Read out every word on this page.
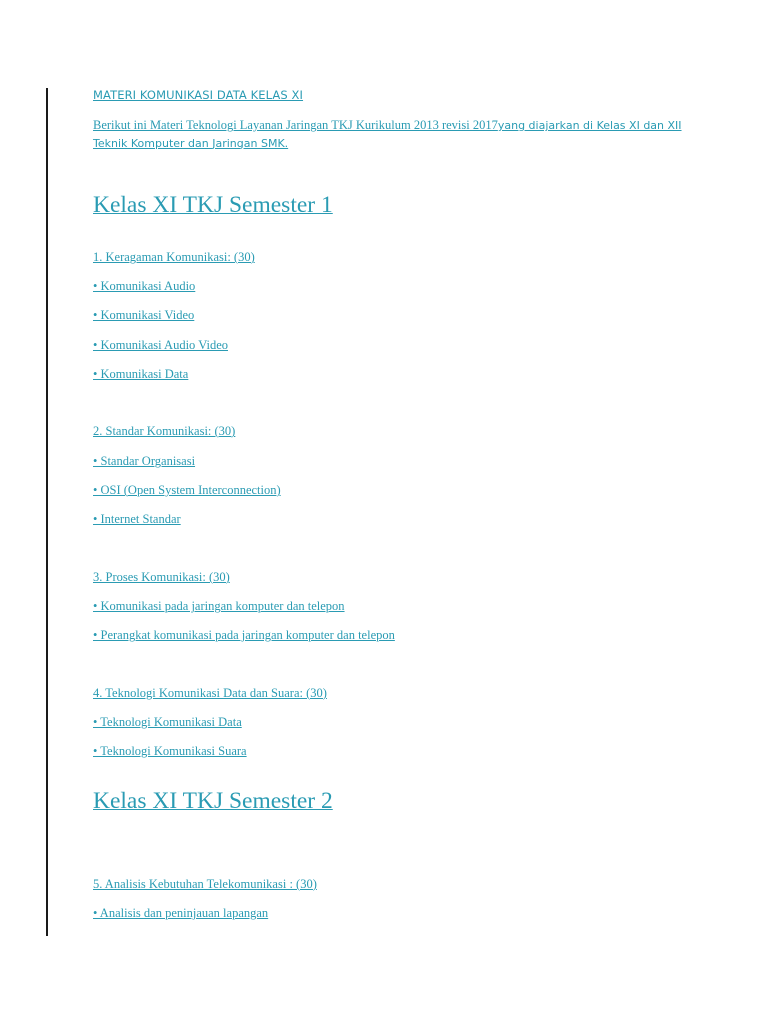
MATERI KOMUNIKASI DATA KELAS XI

Berikut ini Materi Teknologi Layanan Jaringan TKJ Kurikulum 2013 revisi 2017yang diajarkan di Kelas XI dan XII Teknik Komputer dan Jaringan SMK.

Kelas XI TKJ Semester 1
1. Keragaman Komunikasi: (30)
• Komunikasi Audio
• Komunikasi Video
• Komunikasi Audio Video
• Komunikasi Data
2. Standar Komunikasi: (30)
• Standar Organisasi
• OSI (Open System Interconnection)
• Internet Standar
3. Proses Komunikasi: (30)
• Komunikasi pada jaringan komputer dan telepon
• Perangkat komunikasi pada jaringan komputer dan telepon
4. Teknologi Komunikasi Data dan Suara: (30)
• Teknologi Komunikasi Data
• Teknologi Komunikasi Suara
Kelas XI TKJ Semester 2
5. Analisis Kebutuhan Telekomunikasi : (30)
• Analisis dan peninjauan lapangan
